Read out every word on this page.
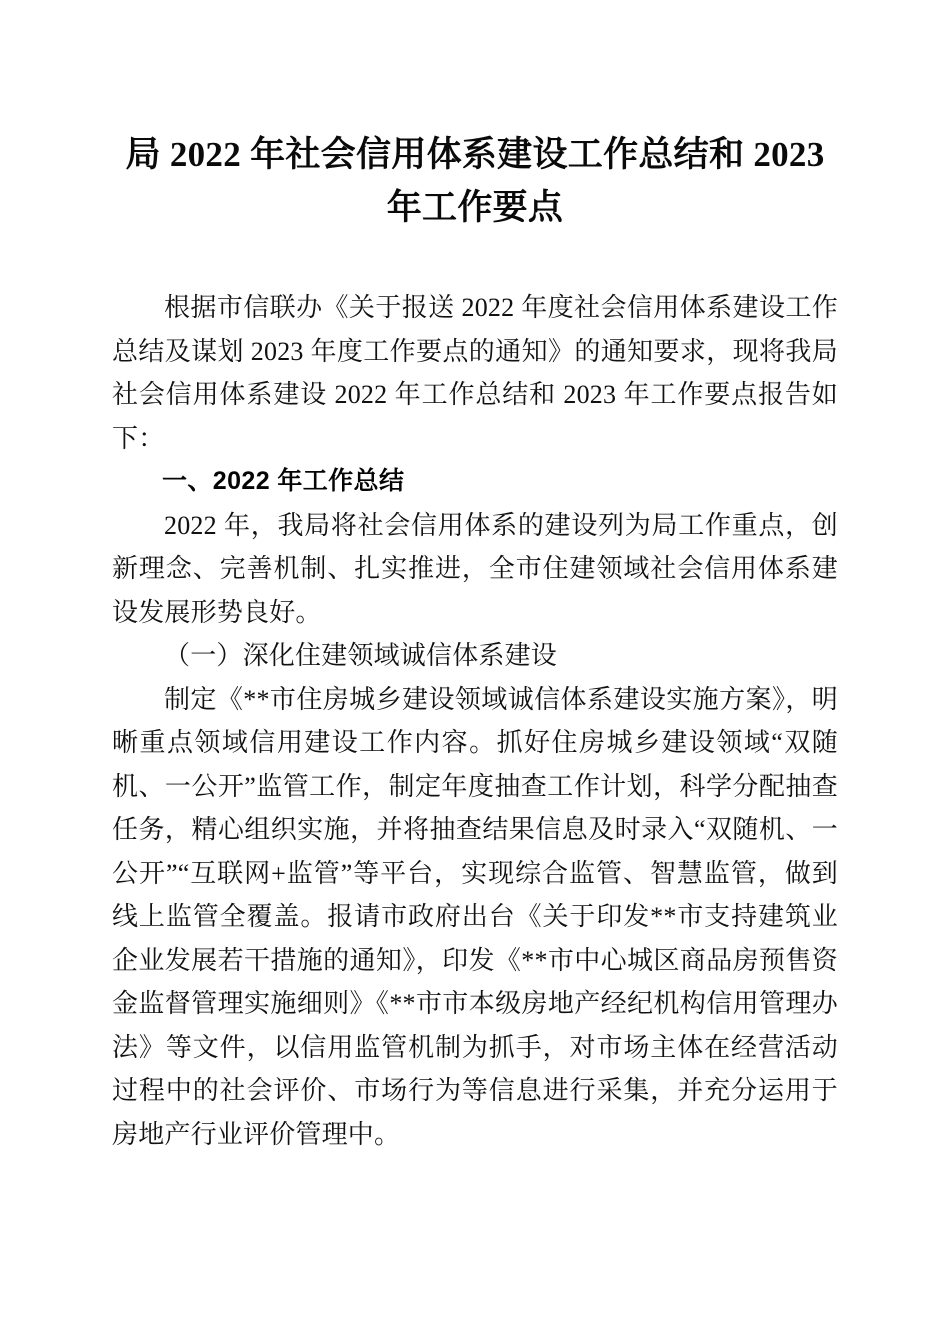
局 2022 年社会信用体系建设工作总结和 2023
年工作要点

根据市信联办《关于报送 2022 年度社会信用体系建设工作总结及谋划 2023 年度工作要点的通知》的通知要求，现将我局社会信用体系建设 2022 年工作总结和 2023 年工作要点报告如下：

一、2022 年工作总结

2022 年，我局将社会信用体系的建设列为局工作重点，创新理念、完善机制、扎实推进，全市住建领域社会信用体系建设发展形势良好。

（一）深化住建领域诚信体系建设

制定《**市住房城乡建设领域诚信体系建设实施方案》，明晰重点领域信用建设工作内容。抓好住房城乡建设领域“双随机、一公开”监管工作，制定年度抽查工作计划，科学分配抽查任务，精心组织实施，并将抽查结果信息及时录入“双随机、一公开”“互联网+监管”等平台，实现综合监管、智慧监管，做到线上监管全覆盖。报请市政府出台《关于印发**市支持建筑业企业发展若干措施的通知》，印发《**市中心城区商品房预售资金监督管理实施细则》《**市市本级房地产经纪机构信用管理办法》等文件，以信用监管机制为抓手，对市场主体在经营活动过程中的社会评价、市场行为等信息进行采集，并充分运用于房地产行业评价管理中。
